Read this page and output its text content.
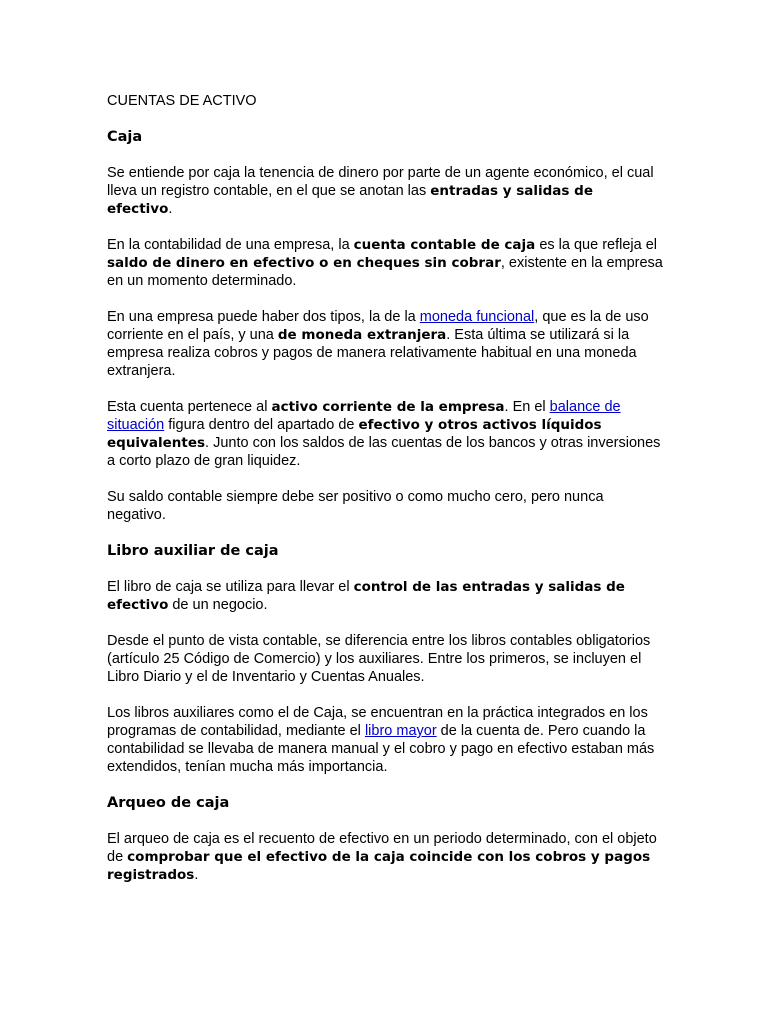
CUENTAS DE ACTIVO
Caja

Se entiende por caja la tenencia de dinero por parte de un agente económico, el cual lleva un registro contable, en el que se anotan las entradas y salidas de efectivo.

En la contabilidad de una empresa, la cuenta contable de caja es la que refleja el saldo de dinero en efectivo o en cheques sin cobrar, existente en la empresa en un momento determinado.

En una empresa puede haber dos tipos, la de la moneda funcional, que es la de uso corriente en el país, y una de moneda extranjera. Esta última se utilizará si la empresa realiza cobros y pagos de manera relativamente habitual en una moneda extranjera.

Esta cuenta pertenece al activo corriente de la empresa. En el balance de situación figura dentro del apartado de efectivo y otros activos líquidos equivalentes. Junto con los saldos de las cuentas de los bancos y otras inversiones a corto plazo de gran liquidez.

Su saldo contable siempre debe ser positivo o como mucho cero, pero nunca negativo.

Libro auxiliar de caja

El libro de caja se utiliza para llevar el control de las entradas y salidas de efectivo de un negocio.

Desde el punto de vista contable, se diferencia entre los libros contables obligatorios (artículo 25 Código de Comercio) y los auxiliares. Entre los primeros, se incluyen el Libro Diario y el de Inventario y Cuentas Anuales.

Los libros auxiliares como el de Caja, se encuentran en la práctica integrados en los programas de contabilidad, mediante el libro mayor de la cuenta de. Pero cuando la contabilidad se llevaba de manera manual y el cobro y pago en efectivo estaban más extendidos, tenían mucha más importancia.

Arqueo de caja

El arqueo de caja es el recuento de efectivo en un periodo determinado, con el objeto de comprobar que el efectivo de la caja coincide con los cobros y pagos registrados.
